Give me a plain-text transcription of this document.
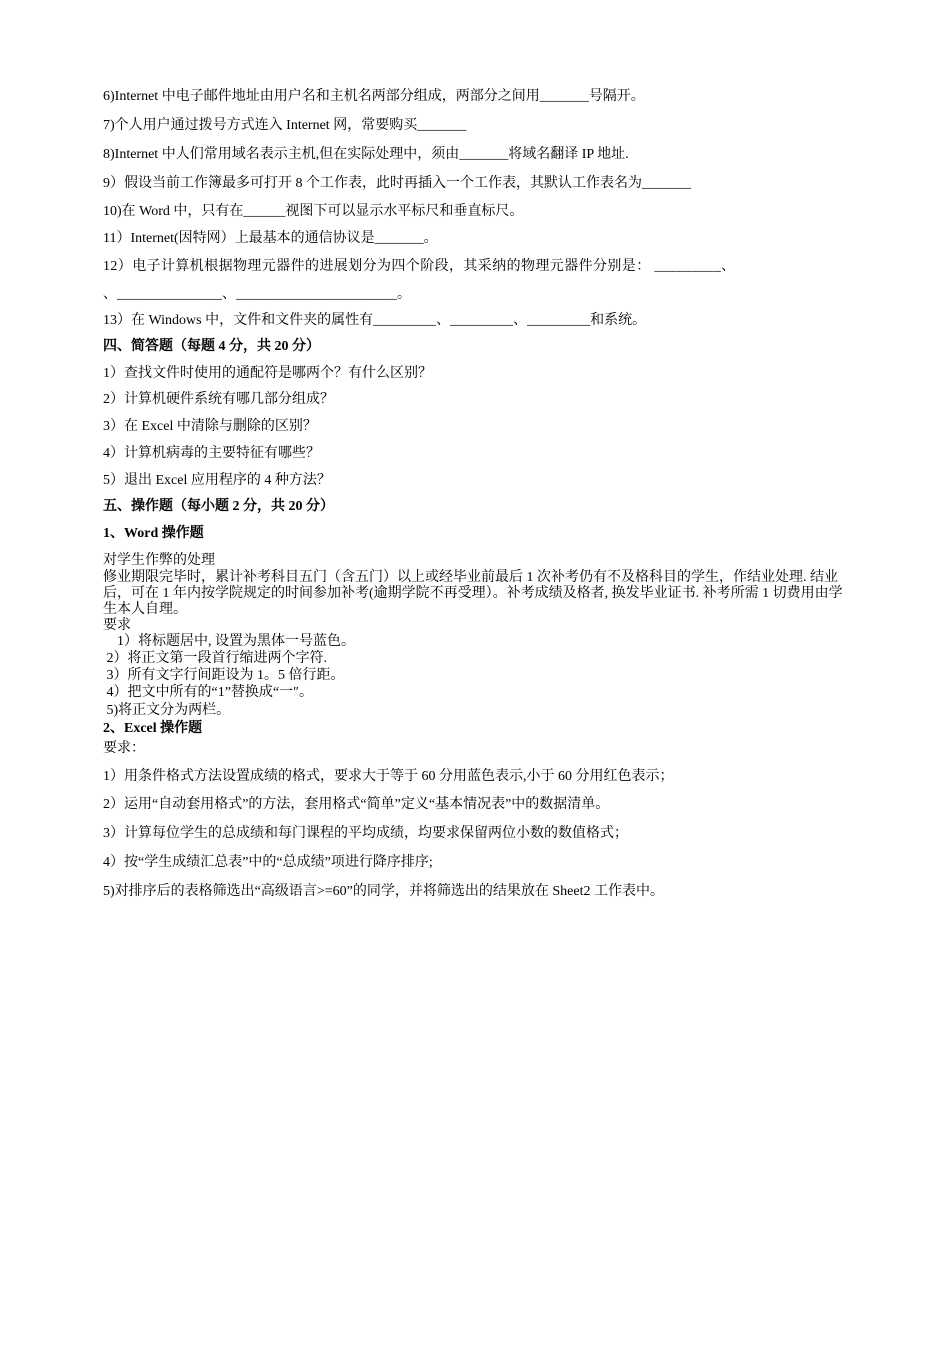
6)Internet 中电子邮件地址由用户名和主机名两部分组成，两部分之间用_______号隔开。
7)个人用户通过拨号方式连入 Internet 网，常要购买_______
8)Internet 中人们常用域名表示主机,但在实际处理中，须由_______将域名翻译 IP 地址.
9）假设当前工作簿最多可打开 8 个工作表，此时再插入一个工作表，其默认工作表名为_______
10)在 Word 中，只有在______视图下可以显示水平标尺和垂直标尺。
11）Internet(因特网）上最基本的通信协议是_______。
12）电子计算机根据物理元器件的进展划分为四个阶段，其采纳的物理元器件分别是： _________、
、_______________、_______________________。
13）在 Windows 中，文件和文件夹的属性有_________、_________、_________和系统。
四、简答题（每题 4 分，共 20 分）
1）查找文件时使用的通配符是哪两个？有什么区别？
2）计算机硬件系统有哪几部分组成？
3）在 Excel 中清除与删除的区别？
4）计算机病毒的主要特征有哪些？
5）退出 Excel 应用程序的 4 种方法？
五、操作题（每小题 2 分，共 20 分）
1、Word 操作题
对学生作弊的处理
修业期限完毕时，累计补考科目五门（含五门）以上或经毕业前最后 1 次补考仍有不及格科目的学生，作结业处理. 结业后，可在 1 年内按学院规定的时间参加补考(逾期学院不再受理）。补考成绩及格者, 换发毕业证书. 补考所需 1 切费用由学生本人自理。
要求
1）将标题居中, 设置为黑体一号蓝色。
2）将正文第一段首行缩进两个字符.
3）所有文字行间距设为 1。5 倍行距。
4）把文中所有的“1”替换成“一″。
5)将正文分为两栏。
2、Excel 操作题
要求：
1）用条件格式方法设置成绩的格式，要求大于等于 60 分用蓝色表示,小于 60 分用红色表示；
2）运用“自动套用格式”的方法，套用格式“简单”定义“基本情况表”中的数据清单。
3）计算每位学生的总成绩和每门课程的平均成绩，均要求保留两位小数的数值格式；
4）按“学生成绩汇总表”中的“总成绩”项进行降序排序;
5)对排序后的表格筛选出“高级语言>=60”的同学，并将筛选出的结果放在 Sheet2 工作表中。
